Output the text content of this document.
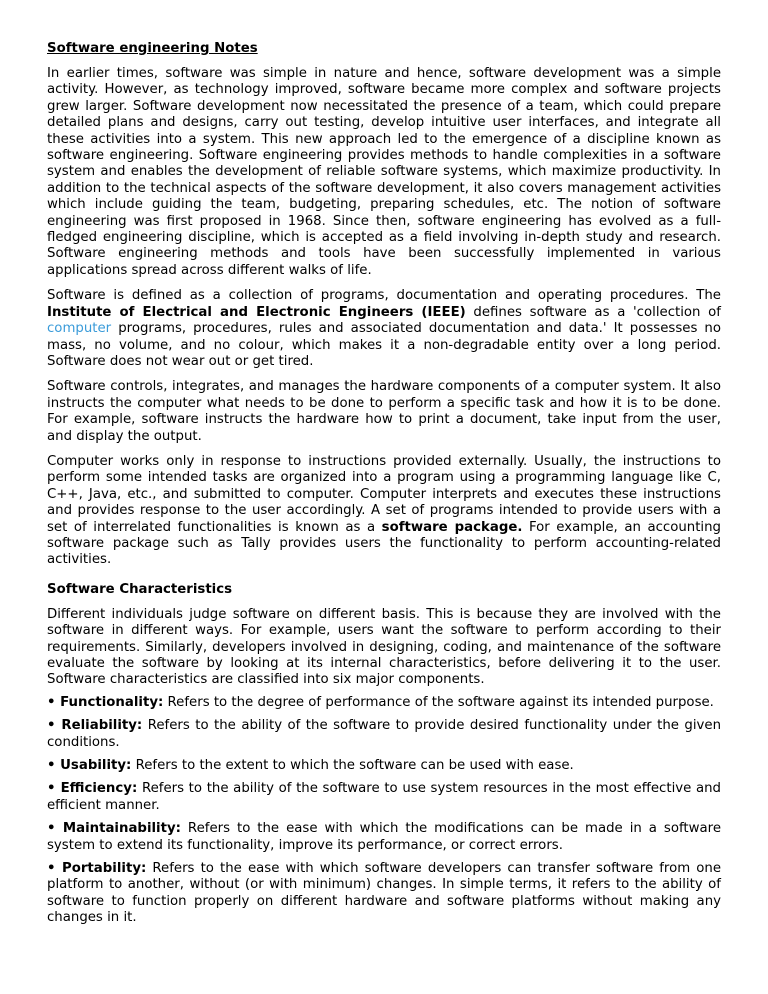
Software engineering Notes

In earlier times, software was simple in nature and hence, software development was a simple activity. However, as technology improved, software became more complex and software projects grew larger. Software development now necessitated the presence of a team, which could prepare detailed plans and designs, carry out testing, develop intuitive user interfaces, and integrate all these activities into a system. This new approach led to the emergence of a discipline known as software engineering. Software engineering provides methods to handle complexities in a software system and enables the development of reliable software systems, which maximize productivity. In addition to the technical aspects of the software development, it also covers management activities which include guiding the team, budgeting, preparing schedules, etc. The notion of software engineering was first proposed in 1968. Since then, software engineering has evolved as a full-fledged engineering discipline, which is accepted as a field involving in-depth study and research. Software engineering methods and tools have been successfully implemented in various applications spread across different walks of life.

Software is defined as a collection of programs, documentation and operating procedures. The Institute of Electrical and Electronic Engineers (IEEE) defines software as a 'collection of computer programs, procedures, rules and associated documentation and data.' It possesses no mass, no volume, and no colour, which makes it a non-degradable entity over a long period. Software does not wear out or get tired.

Software controls, integrates, and manages the hardware components of a computer system. It also instructs the computer what needs to be done to perform a specific task and how it is to be done. For example, software instructs the hardware how to print a document, take input from the user, and display the output.

Computer works only in response to instructions provided externally. Usually, the instructions to perform some intended tasks are organized into a program using a programming language like C, C++, Java, etc., and submitted to computer. Computer interprets and executes these instructions and provides response to the user accordingly. A set of programs intended to provide users with a set of interrelated functionalities is known as a software package. For example, an accounting software package such as Tally provides users the functionality to perform accounting-related activities.

Software Characteristics

Different individuals judge software on different basis. This is because they are involved with the software in different ways. For example, users want the software to perform according to their requirements. Similarly, developers involved in designing, coding, and maintenance of the software evaluate the software by looking at its internal characteristics, before delivering it to the user. Software characteristics are classified into six major components.

• Functionality: Refers to the degree of performance of the software against its intended purpose.
• Reliability: Refers to the ability of the software to provide desired functionality under the given conditions.
• Usability: Refers to the extent to which the software can be used with ease.
• Efficiency: Refers to the ability of the software to use system resources in the most effective and efficient manner.
• Maintainability: Refers to the ease with which the modifications can be made in a software system to extend its functionality, improve its performance, or correct errors.
• Portability: Refers to the ease with which software developers can transfer software from one platform to another, without (or with minimum) changes. In simple terms, it refers to the ability of software to function properly on different hardware and software platforms without making any changes in it.
